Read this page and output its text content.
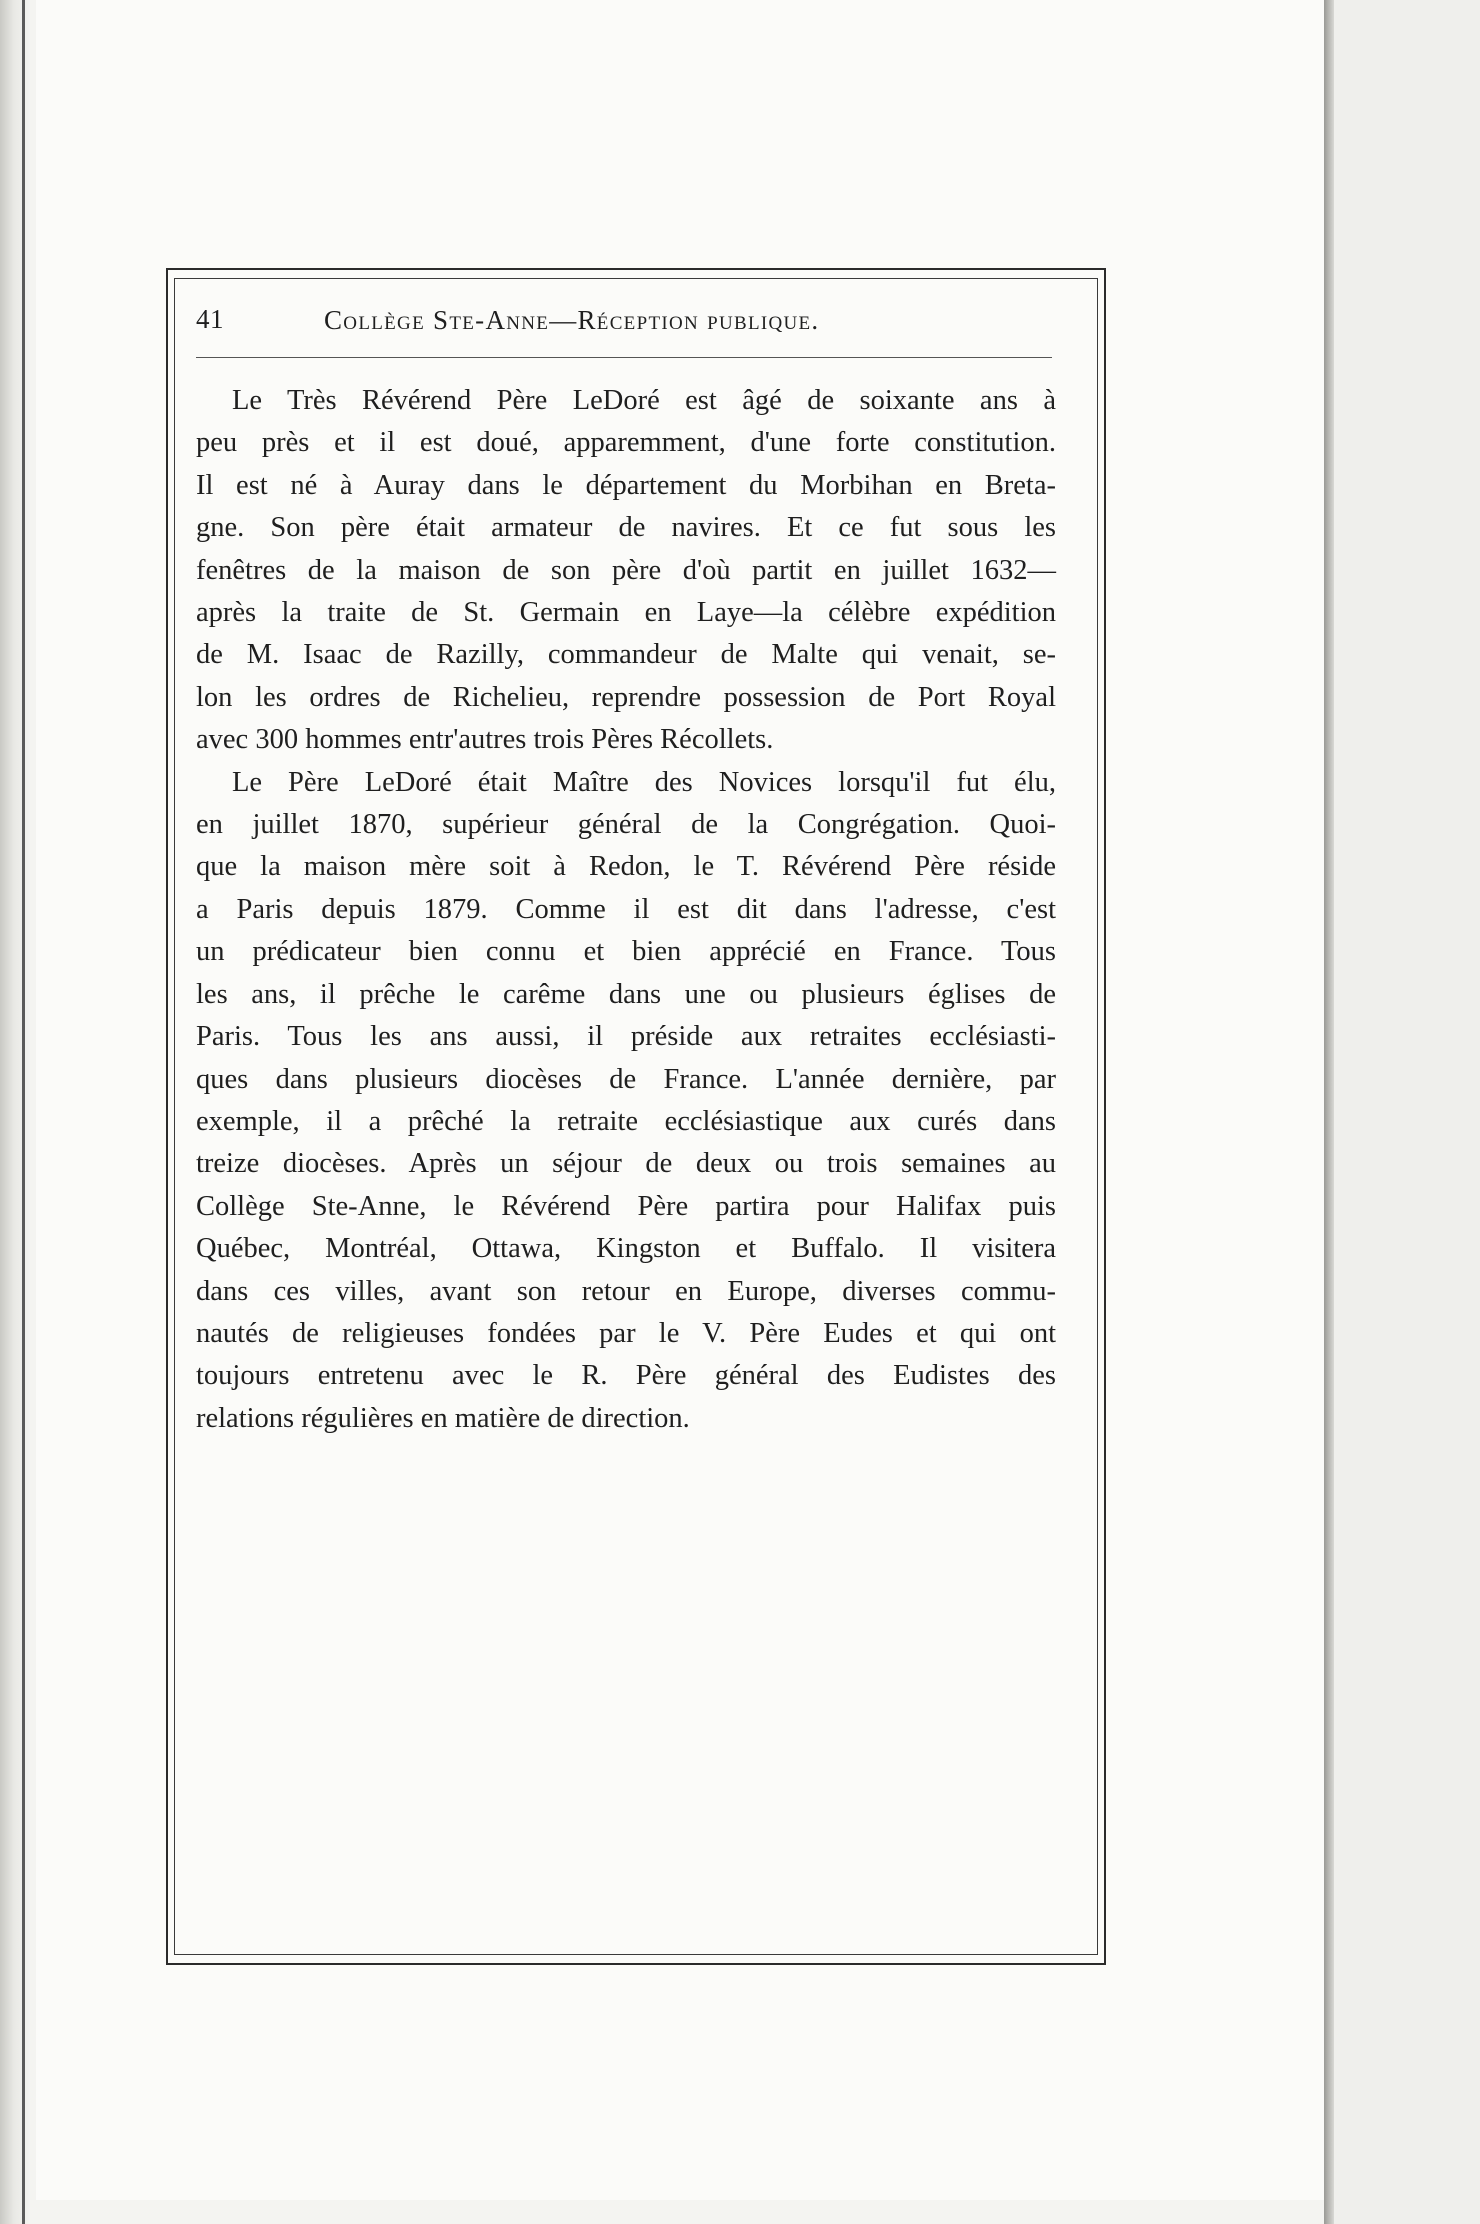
41	Collège Ste-Anne—Réception publique.

Le Très Révérend Père LeDoré est âgé de soixante ans à
peu près et il est doué, apparemment, d'une forte constitution.
Il est né à Auray dans le département du Morbihan en Breta-
gne. Son père était armateur de navires. Et ce fut sous les
fenêtres de la maison de son père d'où partit en juillet 1632—
après la traite de St. Germain en Laye—la célèbre expédition
de M. Isaac de Razilly, commandeur de Malte qui venait, se-
lon les ordres de Richelieu, reprendre possession de Port Royal
avec 300 hommes entr'autres trois Pères Récollets.

Le Père LeDoré était Maître des Novices lorsqu'il fut élu,
en juillet 1870, supérieur général de la Congrégation. Quoi-
que la maison mère soit à Redon, le T. Révérend Père réside
a Paris depuis 1879. Comme il est dit dans l'adresse, c'est
un prédicateur bien connu et bien apprécié en France. Tous
les ans, il prêche le carême dans une ou plusieurs églises de
Paris. Tous les ans aussi, il préside aux retraites ecclésiasti-
ques dans plusieurs diocèses de France. L'année dernière, par
exemple, il a prêché la retraite ecclésiastique aux curés dans
treize diocèses. Après un séjour de deux ou trois semaines au
Collège Ste-Anne, le Révérend Père partira pour Halifax puis
Québec, Montréal, Ottawa, Kingston et Buffalo. Il visitera
dans ces villes, avant son retour en Europe, diverses commu-
nautés de religieuses fondées par le V. Père Eudes et qui ont
toujours entretenu avec le R. Père général des Eudistes des
relations régulières en matière de direction.
